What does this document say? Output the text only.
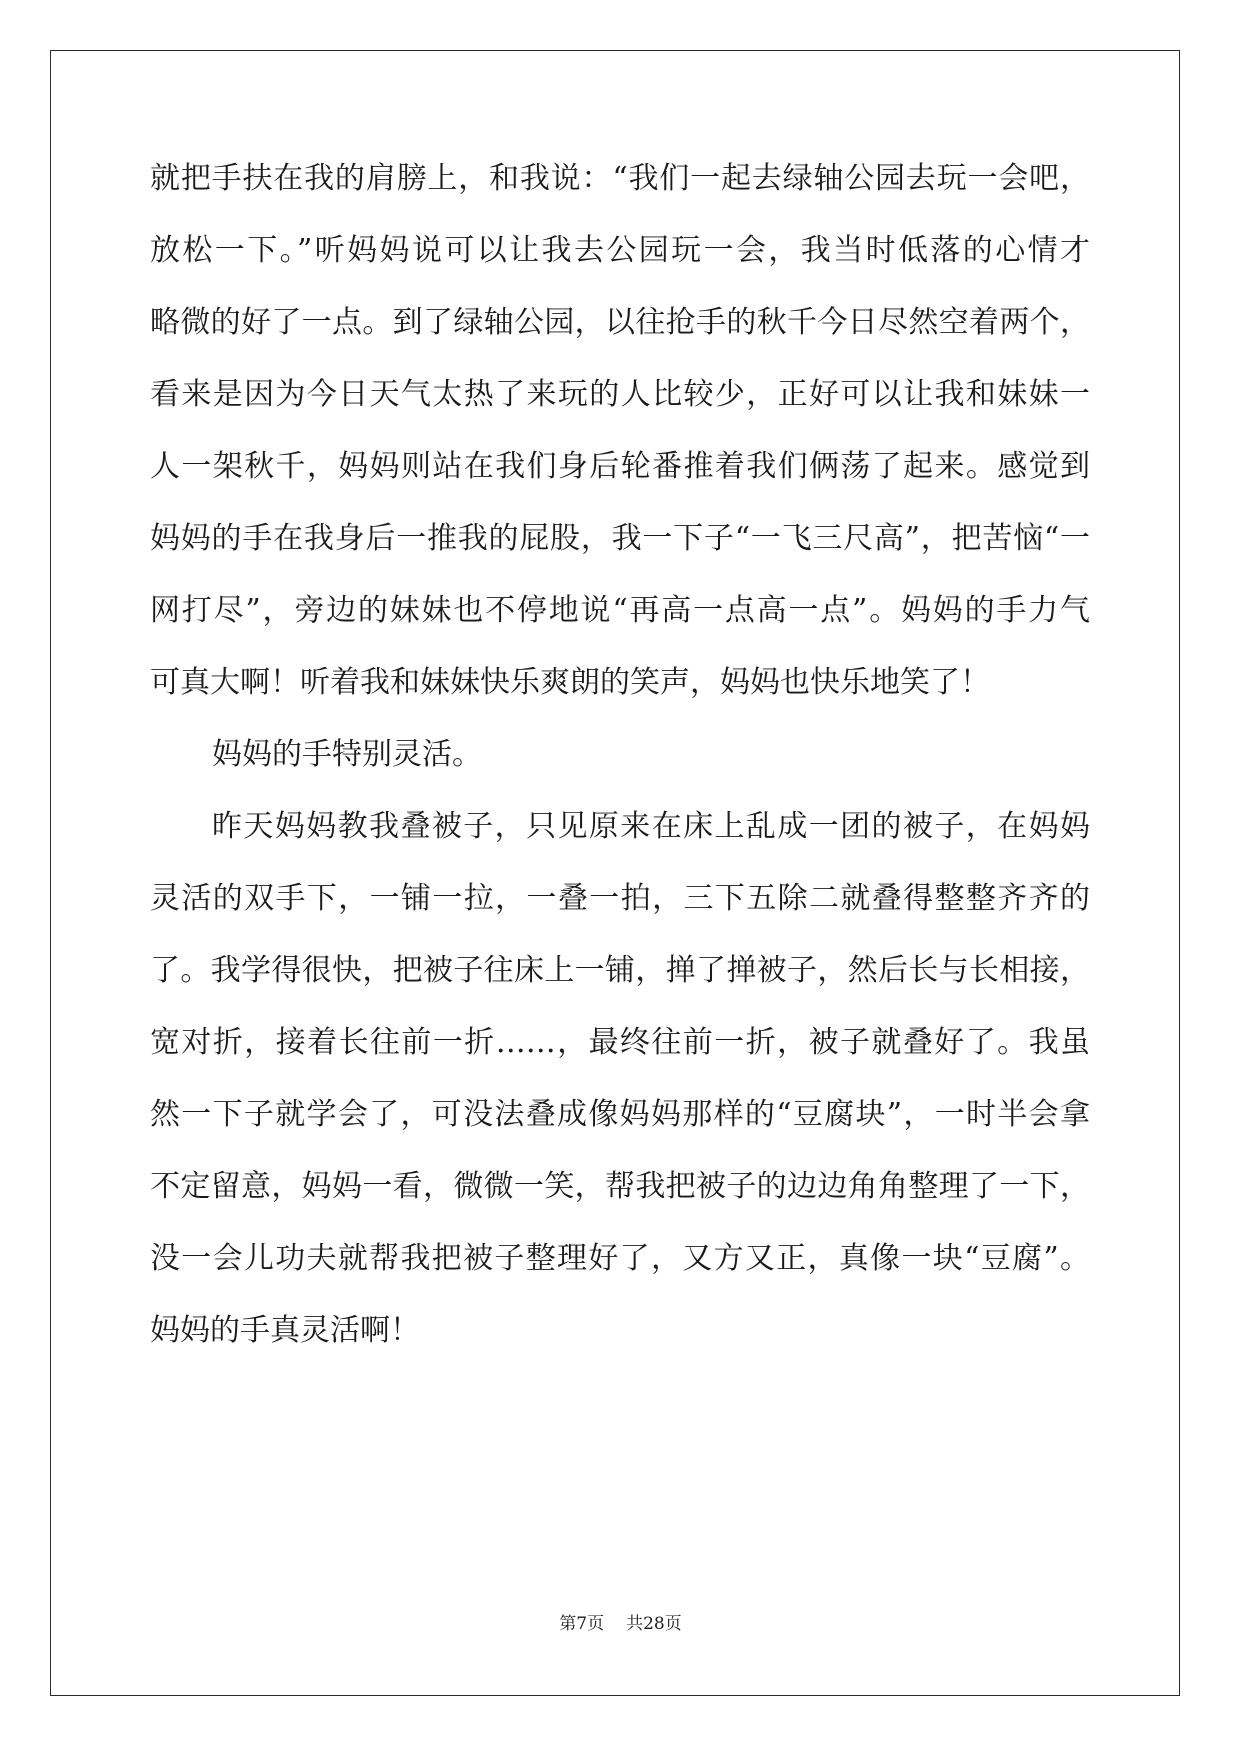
就把手扶在我的肩膀上，和我说：“我们一起去绿轴公园去玩一会吧，
放松一下。”听妈妈说可以让我去公园玩一会，我当时低落的心情才
略微的好了一点。到了绿轴公园，以往抢手的秋千今日尽然空着两个，
看来是因为今日天气太热了来玩的人比较少，正好可以让我和妹妹一
人一架秋千，妈妈则站在我们身后轮番推着我们俩荡了起来。感觉到
妈妈的手在我身后一推我的屁股，我一下子“一飞三尺高”，把苦恼“一
网打尽”，旁边的妹妹也不停地说“再高一点高一点”。妈妈的手力气
可真大啊！听着我和妹妹快乐爽朗的笑声，妈妈也快乐地笑了！
妈妈的手特别灵活。
昨天妈妈教我叠被子，只见原来在床上乱成一团的被子，在妈妈
灵活的双手下，一铺一拉，一叠一拍，三下五除二就叠得整整齐齐的
了。我学得很快，把被子往床上一铺，掸了掸被子，然后长与长相接，
宽对折，接着长往前一折……，最终往前一折，被子就叠好了。我虽
然一下子就学会了，可没法叠成像妈妈那样的“豆腐块”，一时半会拿
不定留意，妈妈一看，微微一笑，帮我把被子的边边角角整理了一下，
没一会儿功夫就帮我把被子整理好了，又方又正，真像一块“豆腐”。
妈妈的手真灵活啊！
第7页 共28页
